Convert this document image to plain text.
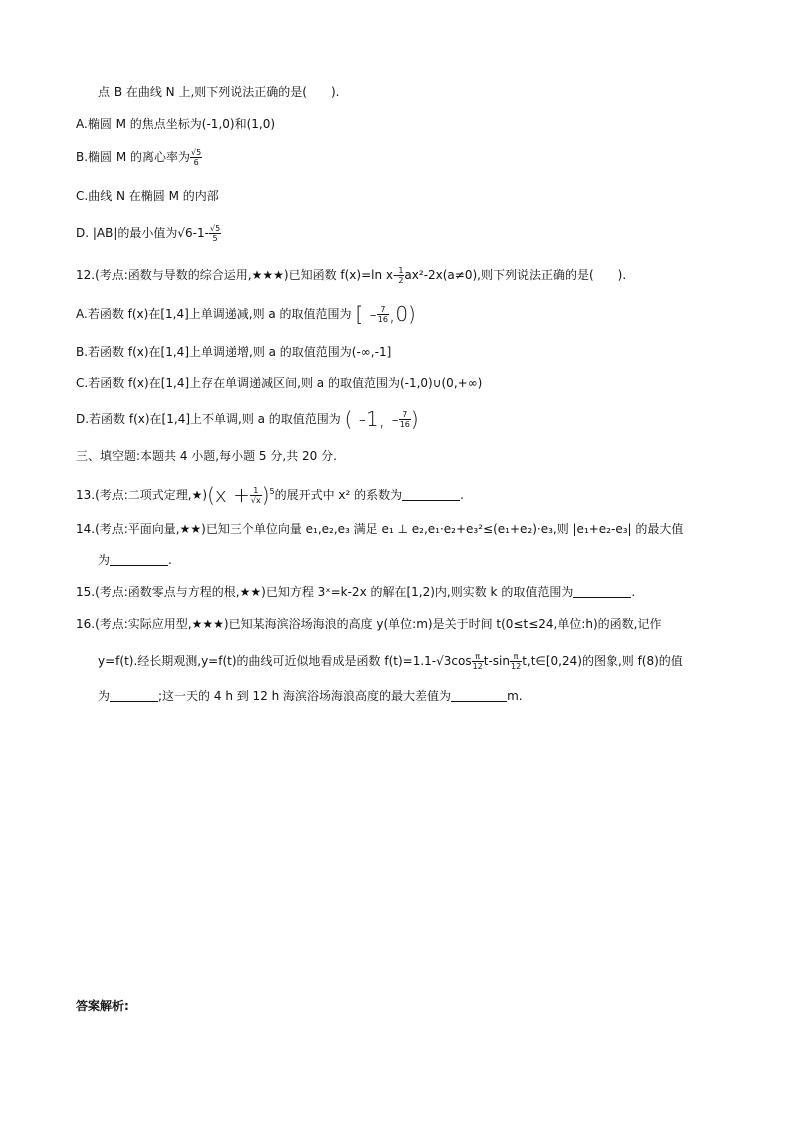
点 B 在曲线 N 上,则下列说法正确的是(　　).
A.椭圆 M 的焦点坐标为(-1,0)和(1,0)
B.椭圆 M 的离心率为 $\frac{√5}{6}$
C.曲线 N 在椭圆 M 的内部
D. |AB|的最小值为$√6-1- \frac{√5}{5}$
12.(考点:函数与导数的综合运用,★★★)已知函数 f(x)=ln $x- \frac{1}{2} ax^2-2x(a\ne 0)$,则下列说法正确的是(　　).
A.若函数 f(x)在[1,4]上单调递减,则 a 的取值范围为 [ - $\frac{7}{16} ,0$)
B.若函数 f(x)在[1,4]上单调递增,则 a 的取值范围为(-∞,-1]
C.若函数 f(x)在[1,4]上存在单调递减区间,则 a 的取值范围为(-1,0)∪(0,+∞)
D.若函数 f(x)在[1,4]上不单调,则 a 的取值范围为 ( -1, - $\frac{7}{16}$ )
三、填空题:本题共 4 小题,每小题 5 分,共 20 分.
13.(考点:二项式定理,★)(x + $\frac{1}{√x} )^5$的展开式中 x² 的系数为	.
14.(考点:平面向量,★★)已知三个单位向量 e₁,e₂,e₃ 满足 e₁ ⊥ e₂,e₁·e₂+e₃²≤(e₁+e₂)·e₃,则 |e₁+e₂-e₃| 的最大值
为	.
15.(考点:函数零点与方程的根,★★)已知方程 3ˣ=k-2x 的解在[1,2)内,则实数 k 的取值范围为	.
16.(考点:实际应用型,★★★)已知某海滨浴场海浪的高度 y(单位:m)是关于时间 t(0≤t≤24,单位:h)的函数,记作
y=f(t).经长期观测,y=f(t)的曲线可近似地看成是函数 $f(t)=1.1-√3\cos \frac{\pi}{12} t-\sin \frac{\pi}{12}$ t,t∈[0,24)的图象,则 f(8)的值
为	;这一天的 4 h 到 12 h 海滨浴场海浪高度的最大差值为	m.
答案解析:
